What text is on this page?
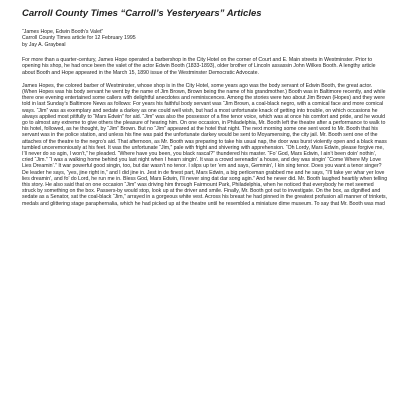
Carroll County Times “Carroll’s Yesteryears” Articles
“James Hope, Edwin Booth’s Valet”
Carroll County Times article for 12 February 1995
by Jay A. Graybeal

For more than a quarter-century, James Hope operated a barbershop in the City Hotel on the corner of Court and E. Main streets in Westminster. Prior to opening his shop, he had once been the valet of the actor Edwin Booth (1833-1893), older brother of Lincoln assassin John Wilkes Booth. A lengthy article about Booth and Hope appeared in the March 15, 1890 issue of the Westminster Democratic Advocate.

James Hopes, the colored barber of Westminster, whose shop is in the City Hotel, some years ago was the body servant of Edwin Booth, the great actor. (When Hopes was his body servant he went by the name of Jim Brown, Brown being the name of his grandmother.) Booth was in Baltimore recently, and while there one evening entertained some callers with delightful anecdotes and reminiscences. Among the stories were two about Jim Brown (Hopes) and they were told in last Sunday’s Baltimore News as follows: For years his faithful body servant was “Jim Brown, a coal-black negro, with a comical face and more comical ways. “Jim” was as exemplary and sedate a darkey as one could well wish, but had a most unfortunate knack of getting into trouble, on which occasions he always applied most pitifully to “Mars Edwin” for aid. “Jim” was also the possessor of a fine tenor voice, which was at once his comfort and pride, and he would go to almost any extreme to give others the pleasure of hearing him. On one occasion, in Philadelphia, Mr. Booth left the theatre after a performance to walk to his hotel, followed, as he thought, by “Jim” Brown. But no “Jim” appeared at the hotel that night. The next morning some one sent word to Mr. Booth that his servant was in the police station, and unless his fine was paid the unfortunate darkey would be sent to Moyamensing, the city jail. Mr. Booth sent one of the attaches of the theatre to the negro’s aid. That afternoon, as Mr. Booth was preparing to take his usual nap, the door was burst violently open and a black mass tumbled unceremoniously at his feet. It was the unfortunate “Jim,” pale with fright and shivering with apprehension. “Oh Lordy, Mars Edwin, please forgive me, I’ll never do so agin, I won’t,” he pleaded. “Where have you been, you black rascal?” thundered his master. “Fo’ God, Mars Edwin, I ain’t been doin’ nothin’, cried “Jim.” “I was a walking home behind you last night when I hearn singin’. It was a crowd serenadin’ a house, and dey was singin’ “Come Where My Love Lies Dreamin’.” It war powerful good singin, too, but dar wasn’t no tenor. I slips up ter ’em and says, Gemmin’, I kin sing tenor. Does you want a tenor singer? De leader he says, “yes, jine right in,” and I did jine in. Jest in de finest part, Mars Edwin, a big perliceman grabbed me and he says, “I’ll take yer whar yer love lies dreamin’, and fo’ do Lord, he run me in. Bless God, Mars Edwin, I’ll never sing dat dar song agin.” And he never did. Mr. Booth laughed heartily when telling this story. He also said that on one occasion “Jim” was driving him through Fairmount Park, Philadelphia, when he noticed that everybody he met seemed struck by something on the box. Passers-by would stop, look up at the driver and smile. Finally, Mr. Booth got out to investigate. On the box, as dignified and sedate as a Senator, sat the coal-black “Jim,” arrayed in a gorgeous white vest. Across his breast he had pinned in the greatest profusion all manner of trinkets, medals and glittering stage paraphernalia, which he had picked up at the theatre until he resembled a miniature dime museum. To say that Mr. Booth was mad
